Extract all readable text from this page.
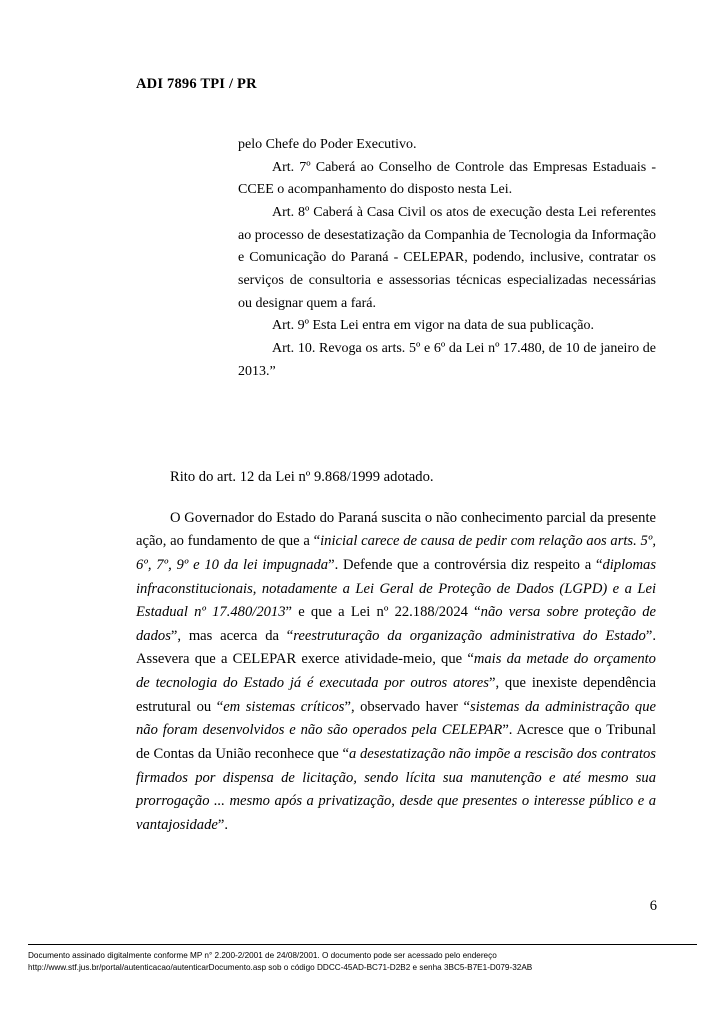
ADI 7896 TPI / PR

pelo Chefe do Poder Executivo.

Art. 7º Caberá ao Conselho de Controle das Empresas Estaduais - CCEE o acompanhamento do disposto nesta Lei.

Art. 8º Caberá à Casa Civil os atos de execução desta Lei referentes ao processo de desestatização da Companhia de Tecnologia da Informação e Comunicação do Paraná - CELEPAR, podendo, inclusive, contratar os serviços de consultoria e assessorias técnicas especializadas necessárias ou designar quem a fará.

Art. 9º Esta Lei entra em vigor na data de sua publicação.

Art. 10. Revoga os arts. 5º e 6º da Lei nº 17.480, de 10 de janeiro de 2013.”

Rito do art. 12 da Lei nº 9.868/1999 adotado.

O Governador do Estado do Paraná suscita o não conhecimento parcial da presente ação, ao fundamento de que a “inicial carece de causa de pedir com relação aos arts. 5º, 6º, 7º, 9º e 10 da lei impugnada”. Defende que a controvérsia diz respeito a “diplomas infraconstitucionais, notadamente a Lei Geral de Proteção de Dados (LGPD) e a Lei Estadual nº 17.480/2013” e que a Lei nº 22.188/2024 “não versa sobre proteção de dados”, mas acerca da “reestruturação da organização administrativa do Estado”. Assevera que a CELEPAR exerce atividade-meio, que “mais da metade do orçamento de tecnologia do Estado já é executada por outros atores”, que inexiste dependência estrutural ou “em sistemas críticos”, observado haver “sistemas da administração que não foram desenvolvidos e não são operados pela CELEPAR”. Acresce que o Tribunal de Contas da União reconhece que “a desestatização não impõe a rescisão dos contratos firmados por dispensa de licitação, sendo lícita sua manutenção e até mesmo sua prorrogação ... mesmo após a privatização, desde que presentes o interesse público e a vantajosidade”.

6
Documento assinado digitalmente conforme MP n° 2.200-2/2001 de 24/08/2001. O documento pode ser acessado pelo endereço
http://www.stf.jus.br/portal/autenticacao/autenticarDocumento.asp sob o código DDCC-45AD-BC71-D2B2 e senha 3BC5-B7E1-D079-32AB
